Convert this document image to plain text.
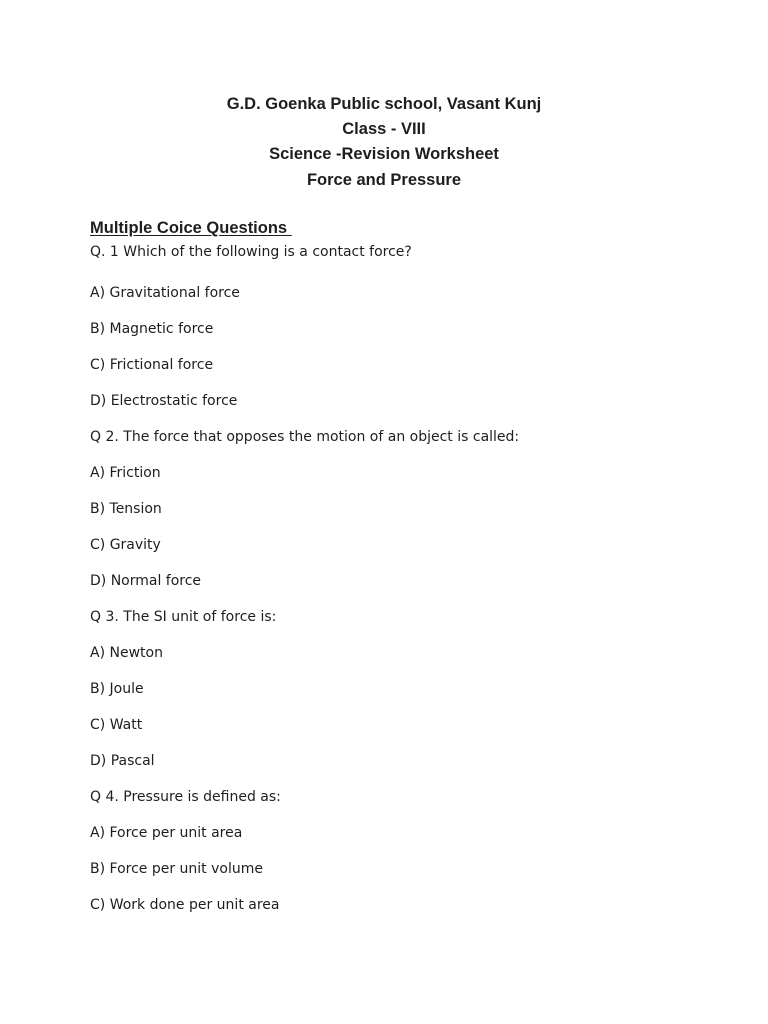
G.D. Goenka Public school, Vasant Kunj
Class - VIII
Science -Revision Worksheet
Force and Pressure
Multiple Coice Questions
Q. 1 Which of the following is a contact force?
A) Gravitational force
B) Magnetic force
C) Frictional force
D) Electrostatic force
Q 2. The force that opposes the motion of an object is called:
A) Friction
B) Tension
C) Gravity
D) Normal force
Q 3. The SI unit of force is:
A) Newton
B) Joule
C) Watt
D) Pascal
Q 4. Pressure is defined as:
A) Force per unit area
B) Force per unit volume
C) Work done per unit area
